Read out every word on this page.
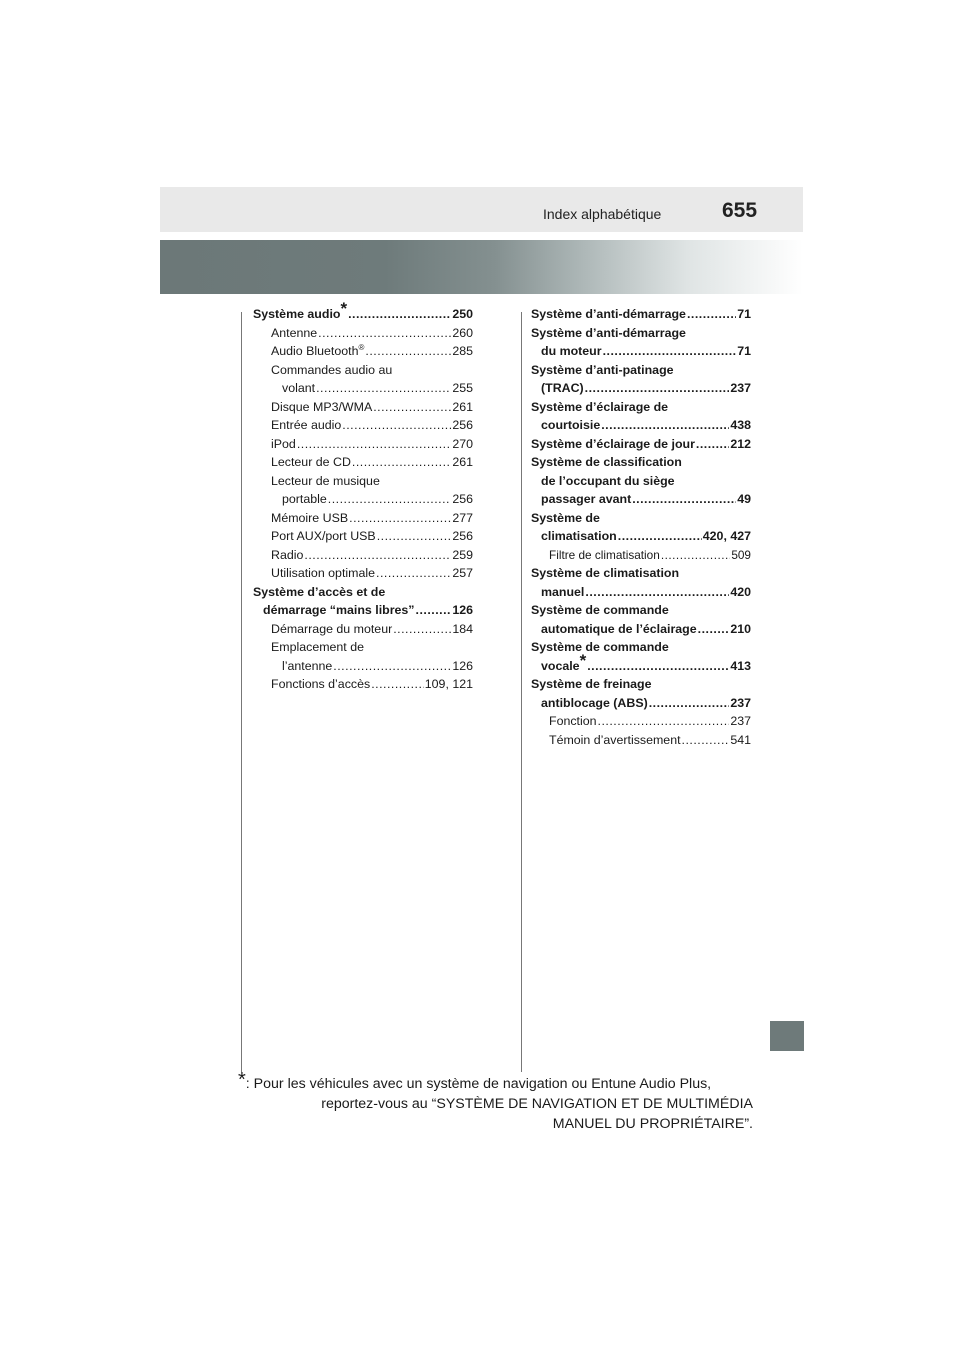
Index alphabétique	655
Système audio* .....	250
Antenne .....	260
Audio Bluetooth® .....	285
Commandes audio au
volant .....	255
Disque MP3/WMA .....	261
Entrée audio .....	256
iPod .....	270
Lecteur de CD .....	261
Lecteur de musique
portable .....	256
Mémoire USB .....	277
Port AUX/port USB .....	256
Radio .....	259
Utilisation optimale .....	257
Système d’accès et de
démarrage “mains libres” .....	126
Démarrage du moteur .....	184
Emplacement de
l’antenne .....	126
Fonctions d’accès .....	109, 121
Système d’anti-démarrage .....	71
Système d’anti-démarrage
du moteur .....	71
Système d’anti-patinage
(TRAC) .....	237
Système d’éclairage de
courtoisie .....	438
Système d’éclairage de jour .....	212
Système de classification
de l’occupant du siège
passager avant .....	49
Système de
climatisation .....	420, 427
Filtre de climatisation .....	509
Système de climatisation
manuel .....	420
Système de commande
automatique de l’éclairage .....	210
Système de commande
vocale* .....	413
Système de freinage
antiblocage (ABS) .....	237
Fonction .....	237
Témoin d’avertissement .....	541
*: Pour les véhicules avec un système de navigation ou Entune Audio Plus,
reportez-vous au “SYSTÈME DE NAVIGATION ET DE MULTIMÉDIA
MANUEL DU PROPRIÉTAIRE”.
